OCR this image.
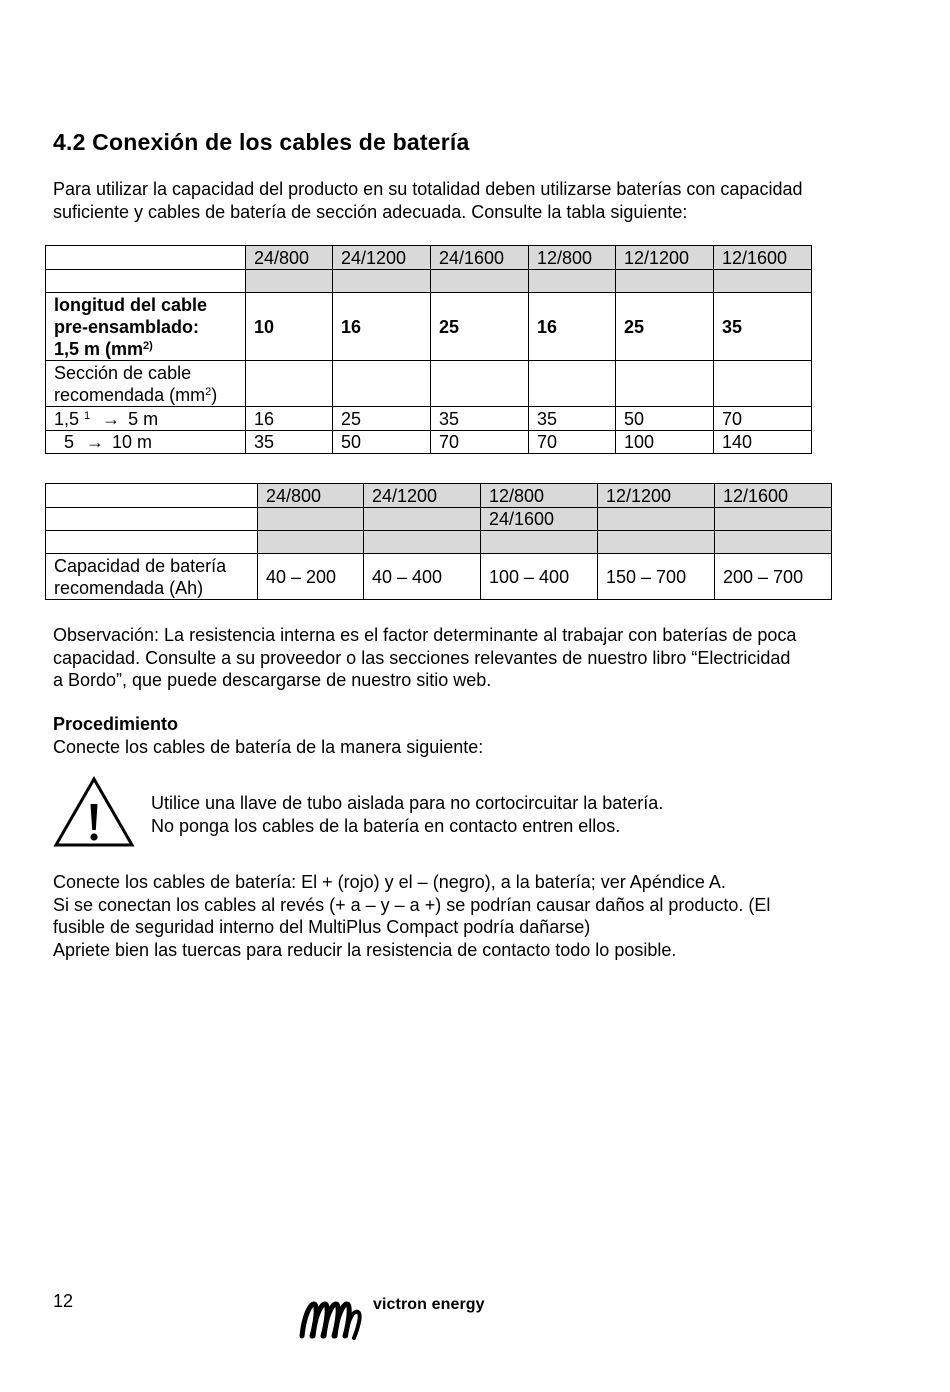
4.2 Conexión de los cables de batería

Para utilizar la capacidad del producto en su totalidad deben utilizarse baterías con capacidad

suficiente y cables de batería de sección adecuada. Consulte la tabla siguiente:

	24/800	24/1200	24/1600	12/800	12/1200	12/1600

longitud del cable
pre-ensamblado:
1,5 m ($mm^{2)}$	10	16	25	16	25	35

Sección de cable
recomendada $(mm^2)$						

1,5 $^1$ → 5 m	16	25	35	35	50	70
5 → 10 m	35	50	70	70	100	140
	24/800	24/1200	12/800	12/1200	12/1600
			24/1600		

Capacidad de batería
recomendada (Ah)	40 – 200	40 – 400	100 – 400	150 – 700	200 – 700

Observación: La resistencia interna es el factor determinante al trabajar con baterías de poca

capacidad. Consulte a su proveedor o las secciones relevantes de nuestro libro “Electricidad

a Bordo”, que puede descargarse de nuestro sitio web.

Procedimiento

Conecte los cables de batería de la manera siguiente:

Utilice una llave de tubo aislada para no cortocircuitar la batería.

No ponga los cables de la batería en contacto entren ellos.

Conecte los cables de batería: El + (rojo) y el – (negro), a la batería; ver Apéndice A.

Si se conectan los cables al revés (+ a – y – a +) se podrían causar daños al producto. (El

fusible de seguridad interno del MultiPlus Compact podría dañarse)

Apriete bien las tuercas para reducir la resistencia de contacto todo lo posible.

12	victron energy
